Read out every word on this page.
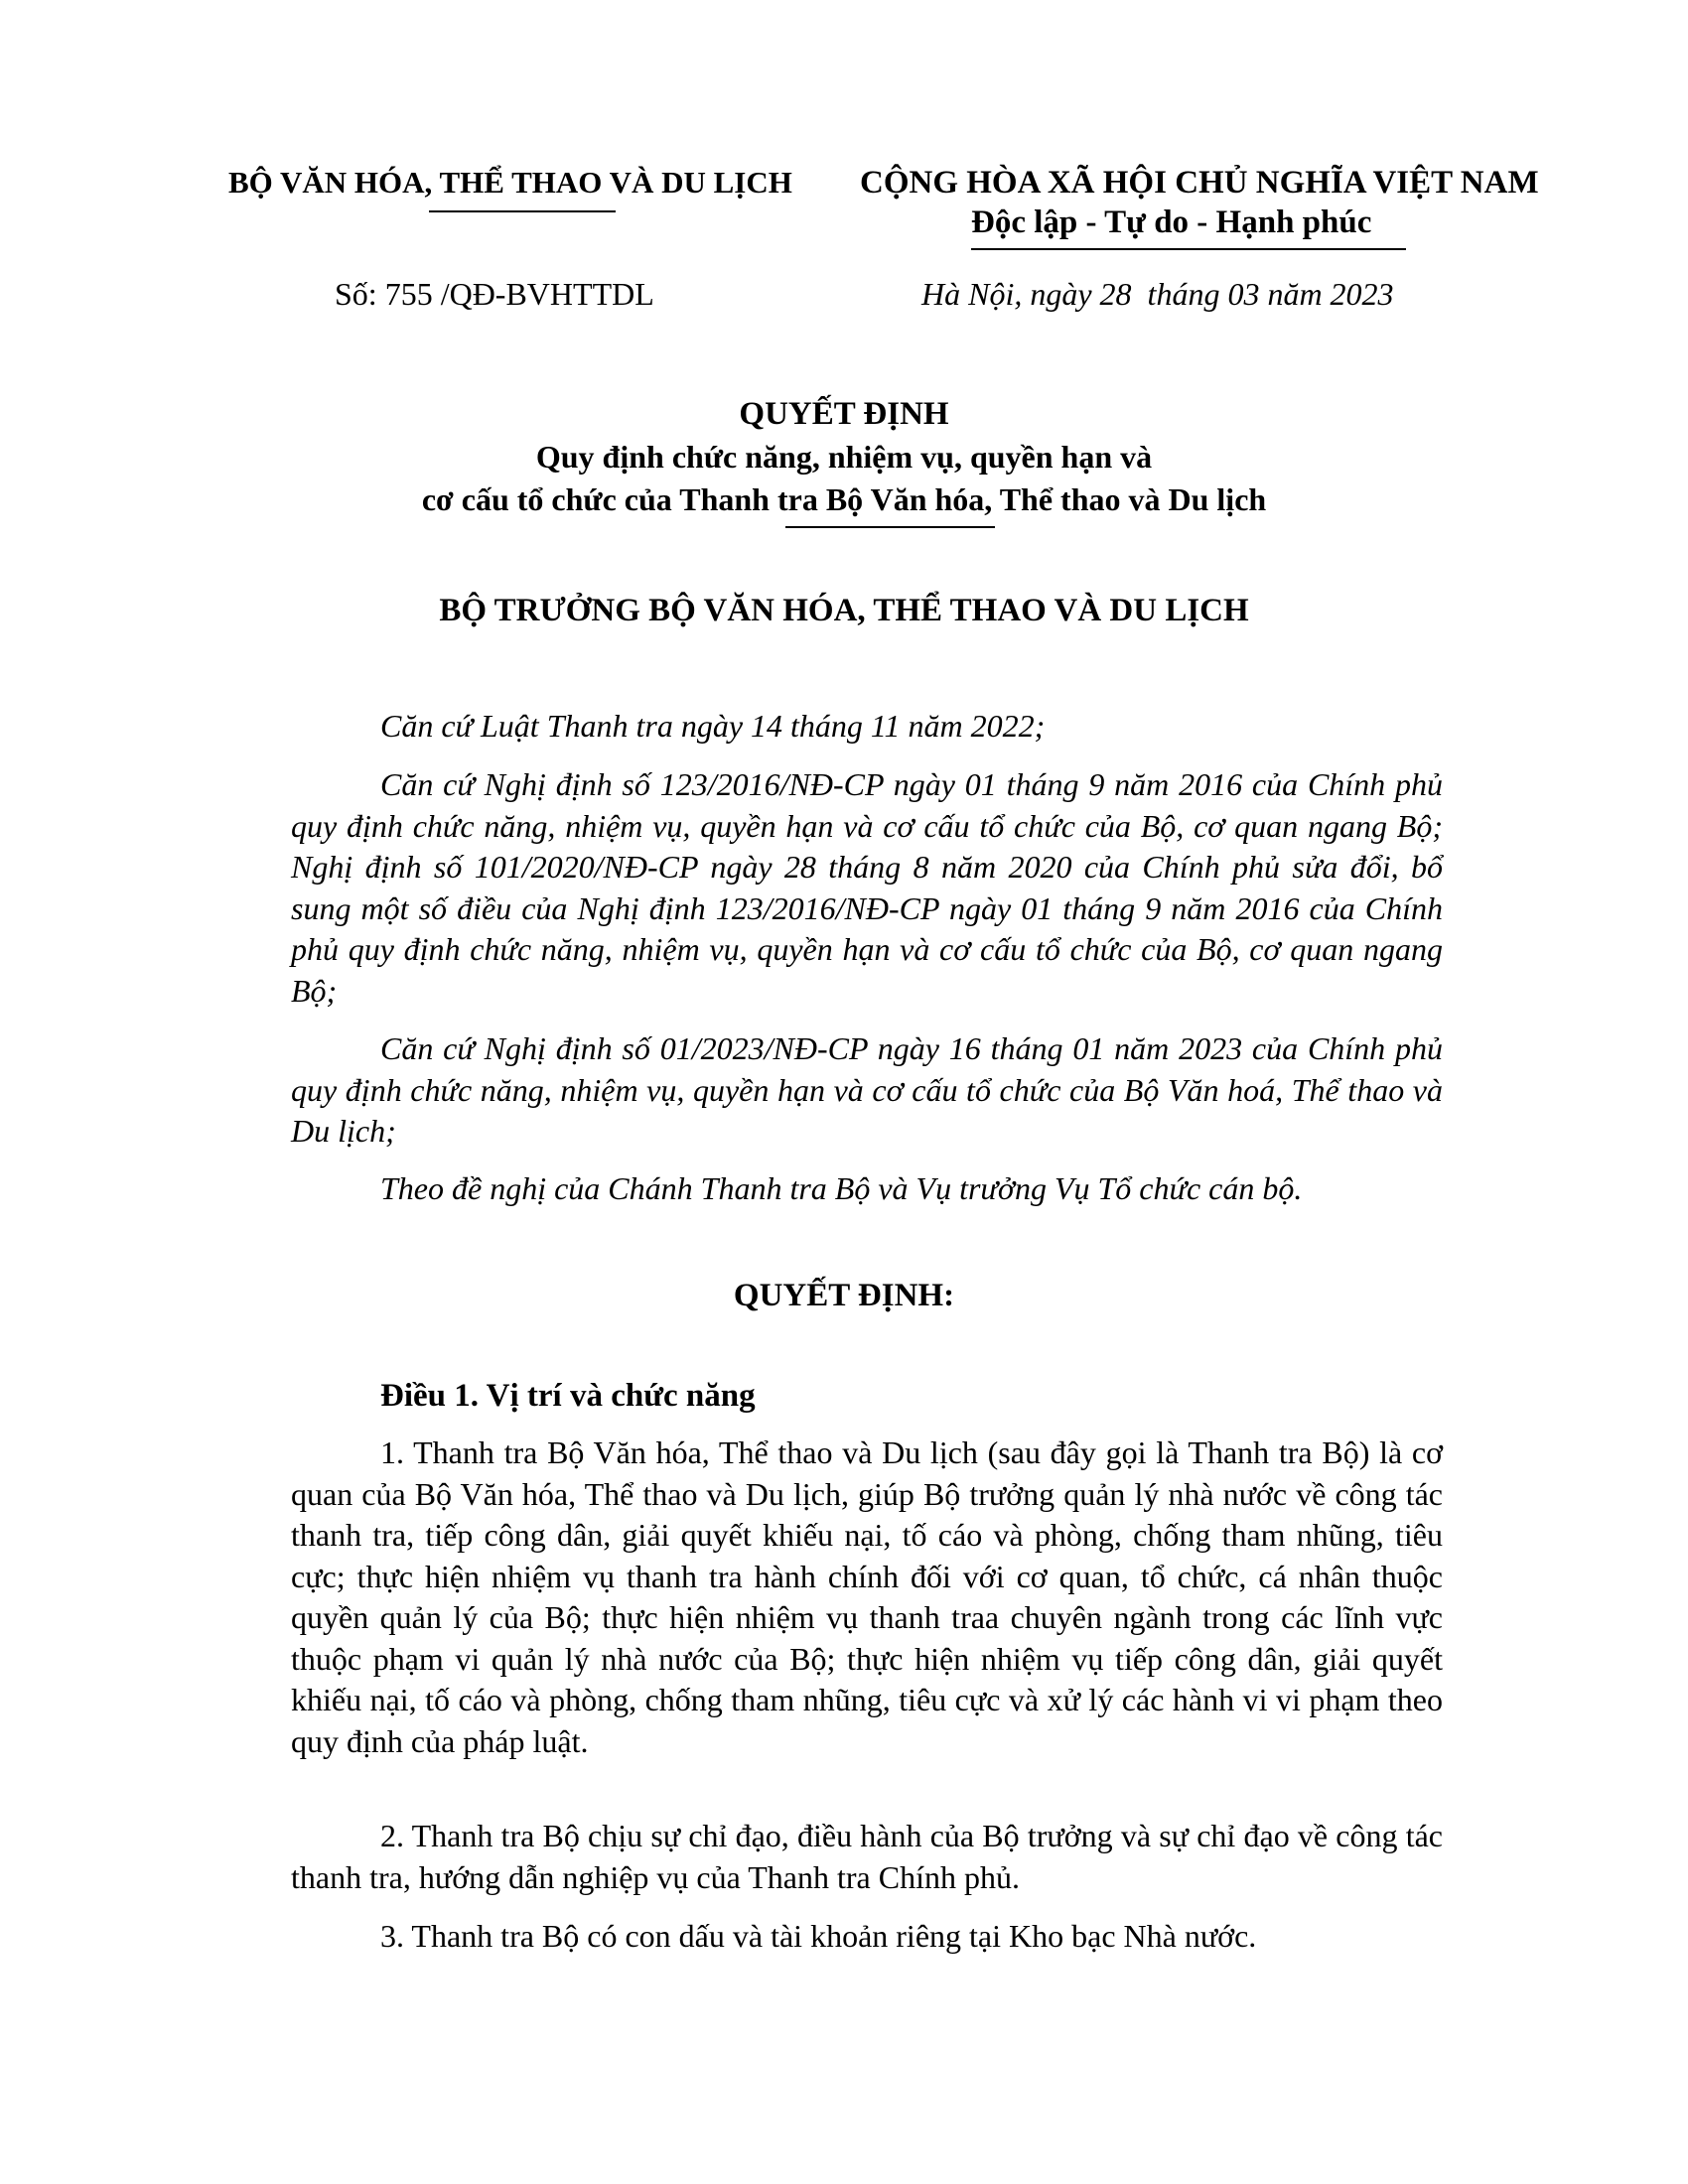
BỘ VĂN HÓA, THỂ THAO VÀ DU LỊCH CỘNG HÒA XÃ HỘI CHỦ NGHĨA VIỆT NAM
Độc lập - Tự do - Hạnh phúc
Số: 755 /QĐ-BVHTTDL	Hà Nội, ngày 28  tháng 03 năm 2023
QUYẾT ĐỊNH
Quy định chức năng, nhiệm vụ, quyền hạn và
cơ cấu tổ chức của Thanh tra Bộ Văn hóa, Thể thao và Du lịch
BỘ TRƯỞNG BỘ VĂN HÓA, THỂ THAO VÀ DU LỊCH
Căn cứ Luật Thanh tra ngày 14 tháng 11 năm 2022;
Căn cứ Nghị định số 123/2016/NĐ-CP ngày 01 tháng 9 năm 2016 của Chính phủ quy định chức năng, nhiệm vụ, quyền hạn và cơ cấu tổ chức của Bộ, cơ quan ngang Bộ; Nghị định số 101/2020/NĐ-CP ngày 28 tháng 8 năm 2020 của Chính phủ sửa đổi, bổ sung một số điều của Nghị định 123/2016/NĐ-CP ngày 01 tháng 9 năm 2016 của Chính phủ quy định chức năng, nhiệm vụ, quyền hạn và cơ cấu tổ chức của Bộ, cơ quan ngang Bộ;
Căn cứ Nghị định số 01/2023/NĐ-CP ngày 16 tháng 01 năm 2023 của Chính phủ quy định chức năng, nhiệm vụ, quyền hạn và cơ cấu tổ chức của Bộ Văn hoá, Thể thao và Du lịch;
Theo đề nghị của Chánh Thanh tra Bộ và Vụ trưởng Vụ Tổ chức cán bộ.
QUYẾT ĐỊNH:
Điều 1. Vị trí và chức năng
1. Thanh tra Bộ Văn hóa, Thể thao và Du lịch (sau đây gọi là Thanh tra Bộ) là cơ quan của Bộ Văn hóa, Thể thao và Du lịch, giúp Bộ trưởng quản lý nhà nước về công tác thanh tra, tiếp công dân, giải quyết khiếu nại, tố cáo và phòng, chống tham nhũng, tiêu cực; thực hiện nhiệm vụ thanh tra hành chính đối với cơ quan, tổ chức, cá nhân thuộc quyền quản lý của Bộ; thực hiện nhiệm vụ thanh traa chuyên ngành trong các lĩnh vực thuộc phạm vi quản lý nhà nước của Bộ; thực hiện nhiệm vụ tiếp công dân, giải quyết khiếu nại, tố cáo và phòng, chống tham nhũng, tiêu cực và xử lý các hành vi vi phạm theo quy định của pháp luật.
2. Thanh tra Bộ chịu sự chỉ đạo, điều hành của Bộ trưởng và sự chỉ đạo về công tác thanh tra, hướng dẫn nghiệp vụ của Thanh tra Chính phủ.
3. Thanh tra Bộ có con dấu và tài khoản riêng tại Kho bạc Nhà nước.
